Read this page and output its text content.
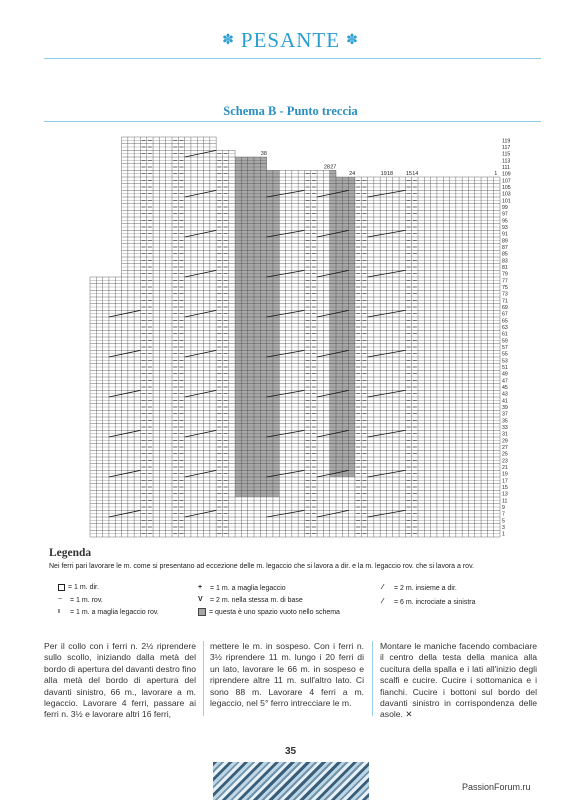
✽ PESANTE ✽
Schema B - Punto treccia
1
3
5
7
9
11
13
15
17
19
21
23
25
27
29
31
33
35
37
39
41
43
45
47
49
51
53
55
57
59
61
63
65
67
69
71
73
75
77
79
81
83
85
87
89
91
93
95
97
99
101
103
105
107
109
111
113
115
117
119
38
28 27
24	19 18 15 14	1
Legenda
Nei ferri pari lavorare le m. come si presentano ad eccezione delle m. legaccio che si lavora a dir. e la m. legaccio rov. che si lavora a rov.
= 1 m. dir.
−	= 1 m. rov.
ı	= 1 m. a maglia legaccio rov.
+	= 1 m. a maglia legaccio
V	= 2 m. nella stessa m. di base
= questa è uno spazio vuoto nello schema
⁄	= 2 m. insieme a dir.
⁄	= 6 m. incrociate a sinistra
Per il collo con i ferri n. 2½ riprendere sullo scollo, iniziando dalla metà del bordo di apertura del davanti destro fino alla metà del bordo di apertura del davanti sinistro, 66 m., lavorare a m. legaccio. Lavorare 4 ferri, passare ai ferri n. 3½ e lavorare altri 16 ferri,
mettere le m. in sospeso. Con i ferri n. 3½ riprendere 11 m. lungo i 20 ferri di un lato, lavorare le 66 m. in sospeso e riprendere altre 11 m. sull'altro lato. Ci sono 88 m. Lavorare 4 ferri a m. legaccio, nel 5° ferro intrecciare le m.
Montare le maniche facendo combaciare il centro della testa della manica alla cucitura della spalla e i lati all'inizio degli scalfi e cucire. Cucire i sottomanica e i fianchi. Cucire i bottoni sul bordo del davanti sinistro in corrispondenza delle asole. ✕
35
PassionForum.ru
